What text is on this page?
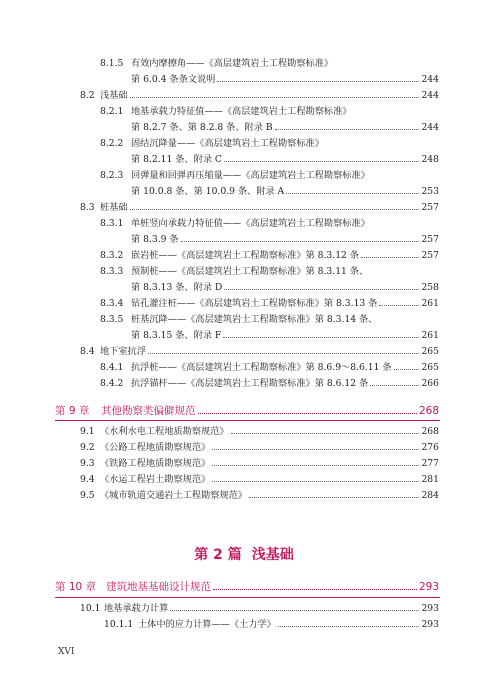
8.1.5 有效内摩擦角——《高层建筑岩土工程勘察标准》
第 6.0.4 条条文说明	244
8.2 浅基础	244
8.2.1 地基承载力特征值——《高层建筑岩土工程勘察标准》
第 8.2.7 条、第 8.2.8 条、附录 B	244
8.2.2 固结沉降量——《高层建筑岩土工程勘察标准》
第 8.2.11 条、附录 C	248
8.2.3 回弹量和回弹再压缩量——《高层建筑岩土工程勘察标准》
第 10.0.8 条、第 10.0.9 条、附录 A	253
8.3 桩基础	257
8.3.1 单桩竖向承载力特征值——《高层建筑岩土工程勘察标准》
第 8.3.9 条	257
8.3.2 嵌岩桩——《高层建筑岩土工程勘察标准》第 8.3.12 条	257
8.3.3 预制桩——《高层建筑岩土工程勘察标准》第 8.3.11 条、
第 8.3.13 条、附录 D	258
8.3.4 钻孔灌注桩——《高层建筑岩土工程勘察标准》第 8.3.13 条	261
8.3.5 桩基沉降——《高层建筑岩土工程勘察标准》第 8.3.14 条、
第 8.3.15 条、附录 F	261
8.4 地下室抗浮	265
8.4.1 抗浮桩——《高层建筑岩土工程勘察标准》第 8.6.9～8.6.11 条	265
8.4.2 抗浮锚杆——《高层建筑岩土工程勘察标准》第 8.6.12 条	266
第 9 章 其他勘察类偏僻规范	268
9.1 《水利水电工程地质勘察规范》	268
9.2 《公路工程地质勘察规范》	276
9.3 《铁路工程地质勘察规范》	277
9.4 《水运工程岩土勘察规范》	281
9.5 《城市轨道交通岩土工程勘察规范》	284
第 2 篇 浅基础
第 10 章 建筑地基基础设计规范	293
10.1 地基承载力计算	293
10.1.1 土体中的应力计算——《土力学》	293
XVI
